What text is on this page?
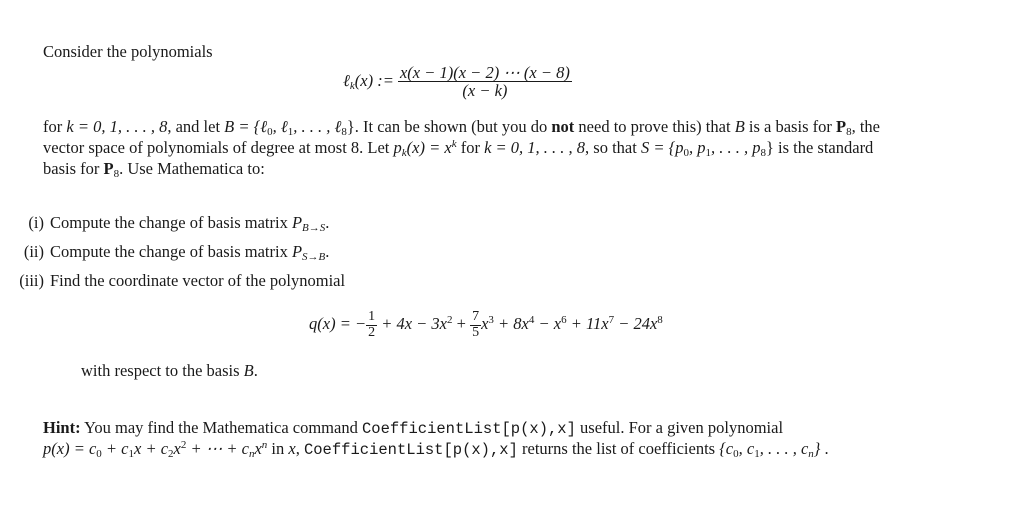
Consider the polynomials
ℓ$_k$(x) := $\frac{x(x - 1)(x - 2) \cdots (x - 8)}{(x - k)}$
for k = 0, 1, . . . , 8, and let B = {ℓ$_0$, ℓ$_1$, . . . , ℓ$_8$}. It can be shown (but you do not need to prove this) that B is a basis for $P_8$, the
vector space of polynomials of degree at most 8. Let $p_k(x) = x^k$ for k = 0, 1, . . . , 8, so that $S = \{p_0$, $p_1$, . . . , $p_8$} is the standard
basis for $P_8$. Use Mathematica to:
(i) Compute the change of basis matrix $P_{B\to S}$.
(ii) Compute the change of basis matrix $P_{S\to B}$.
(iii) Find the coordinate vector of the polynomial
q(x) = − $\frac{1}{2} + 4x - 3x^2 + \frac{7}{5} x^3 + 8x^4 - x^6 + 11x^7 - 24x^8$
with respect to the basis B.
Hint: You may find the Mathematica command CoefficientList[p(x),x] useful. For a given polynomial
$p(x) = c_0 + c_1x + c_2x^2$ + ⋯ + $c_nx^n$ in x, CoefficientList[p(x),x] returns the list of coefficients {$c_0$, $c_1$, . . . , $c_n$} .
